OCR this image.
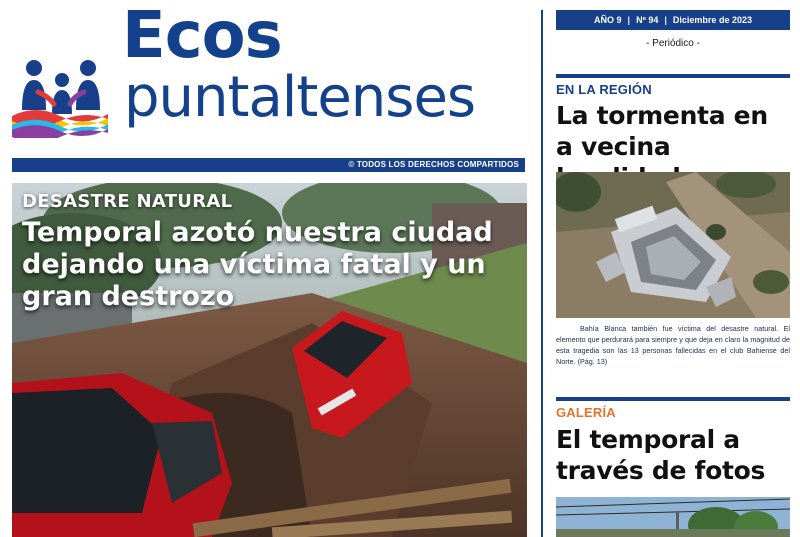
Ecos
puntaltenses
© TODOS LOS DERECHOS COMPARTIDOS
DESASTRE NATURAL
Temporal azotó nuestra ciudad dejando una víctima fatal y un gran destrozo
AÑO 9 | Nº 94 | Diciembre de 2023
- Periódico -
EN LA REGIÓN
La tormenta en a vecina
Bahía Blanca también fue víctima del desastre natural. El elemento que perdurará para siempre y que deja en claro la magnitud de esta tragedia son las 13 personas fallecidas en el club Bahiense del Norte. (Pág. 13)
GALERÍA
El temporal a través de fotos
